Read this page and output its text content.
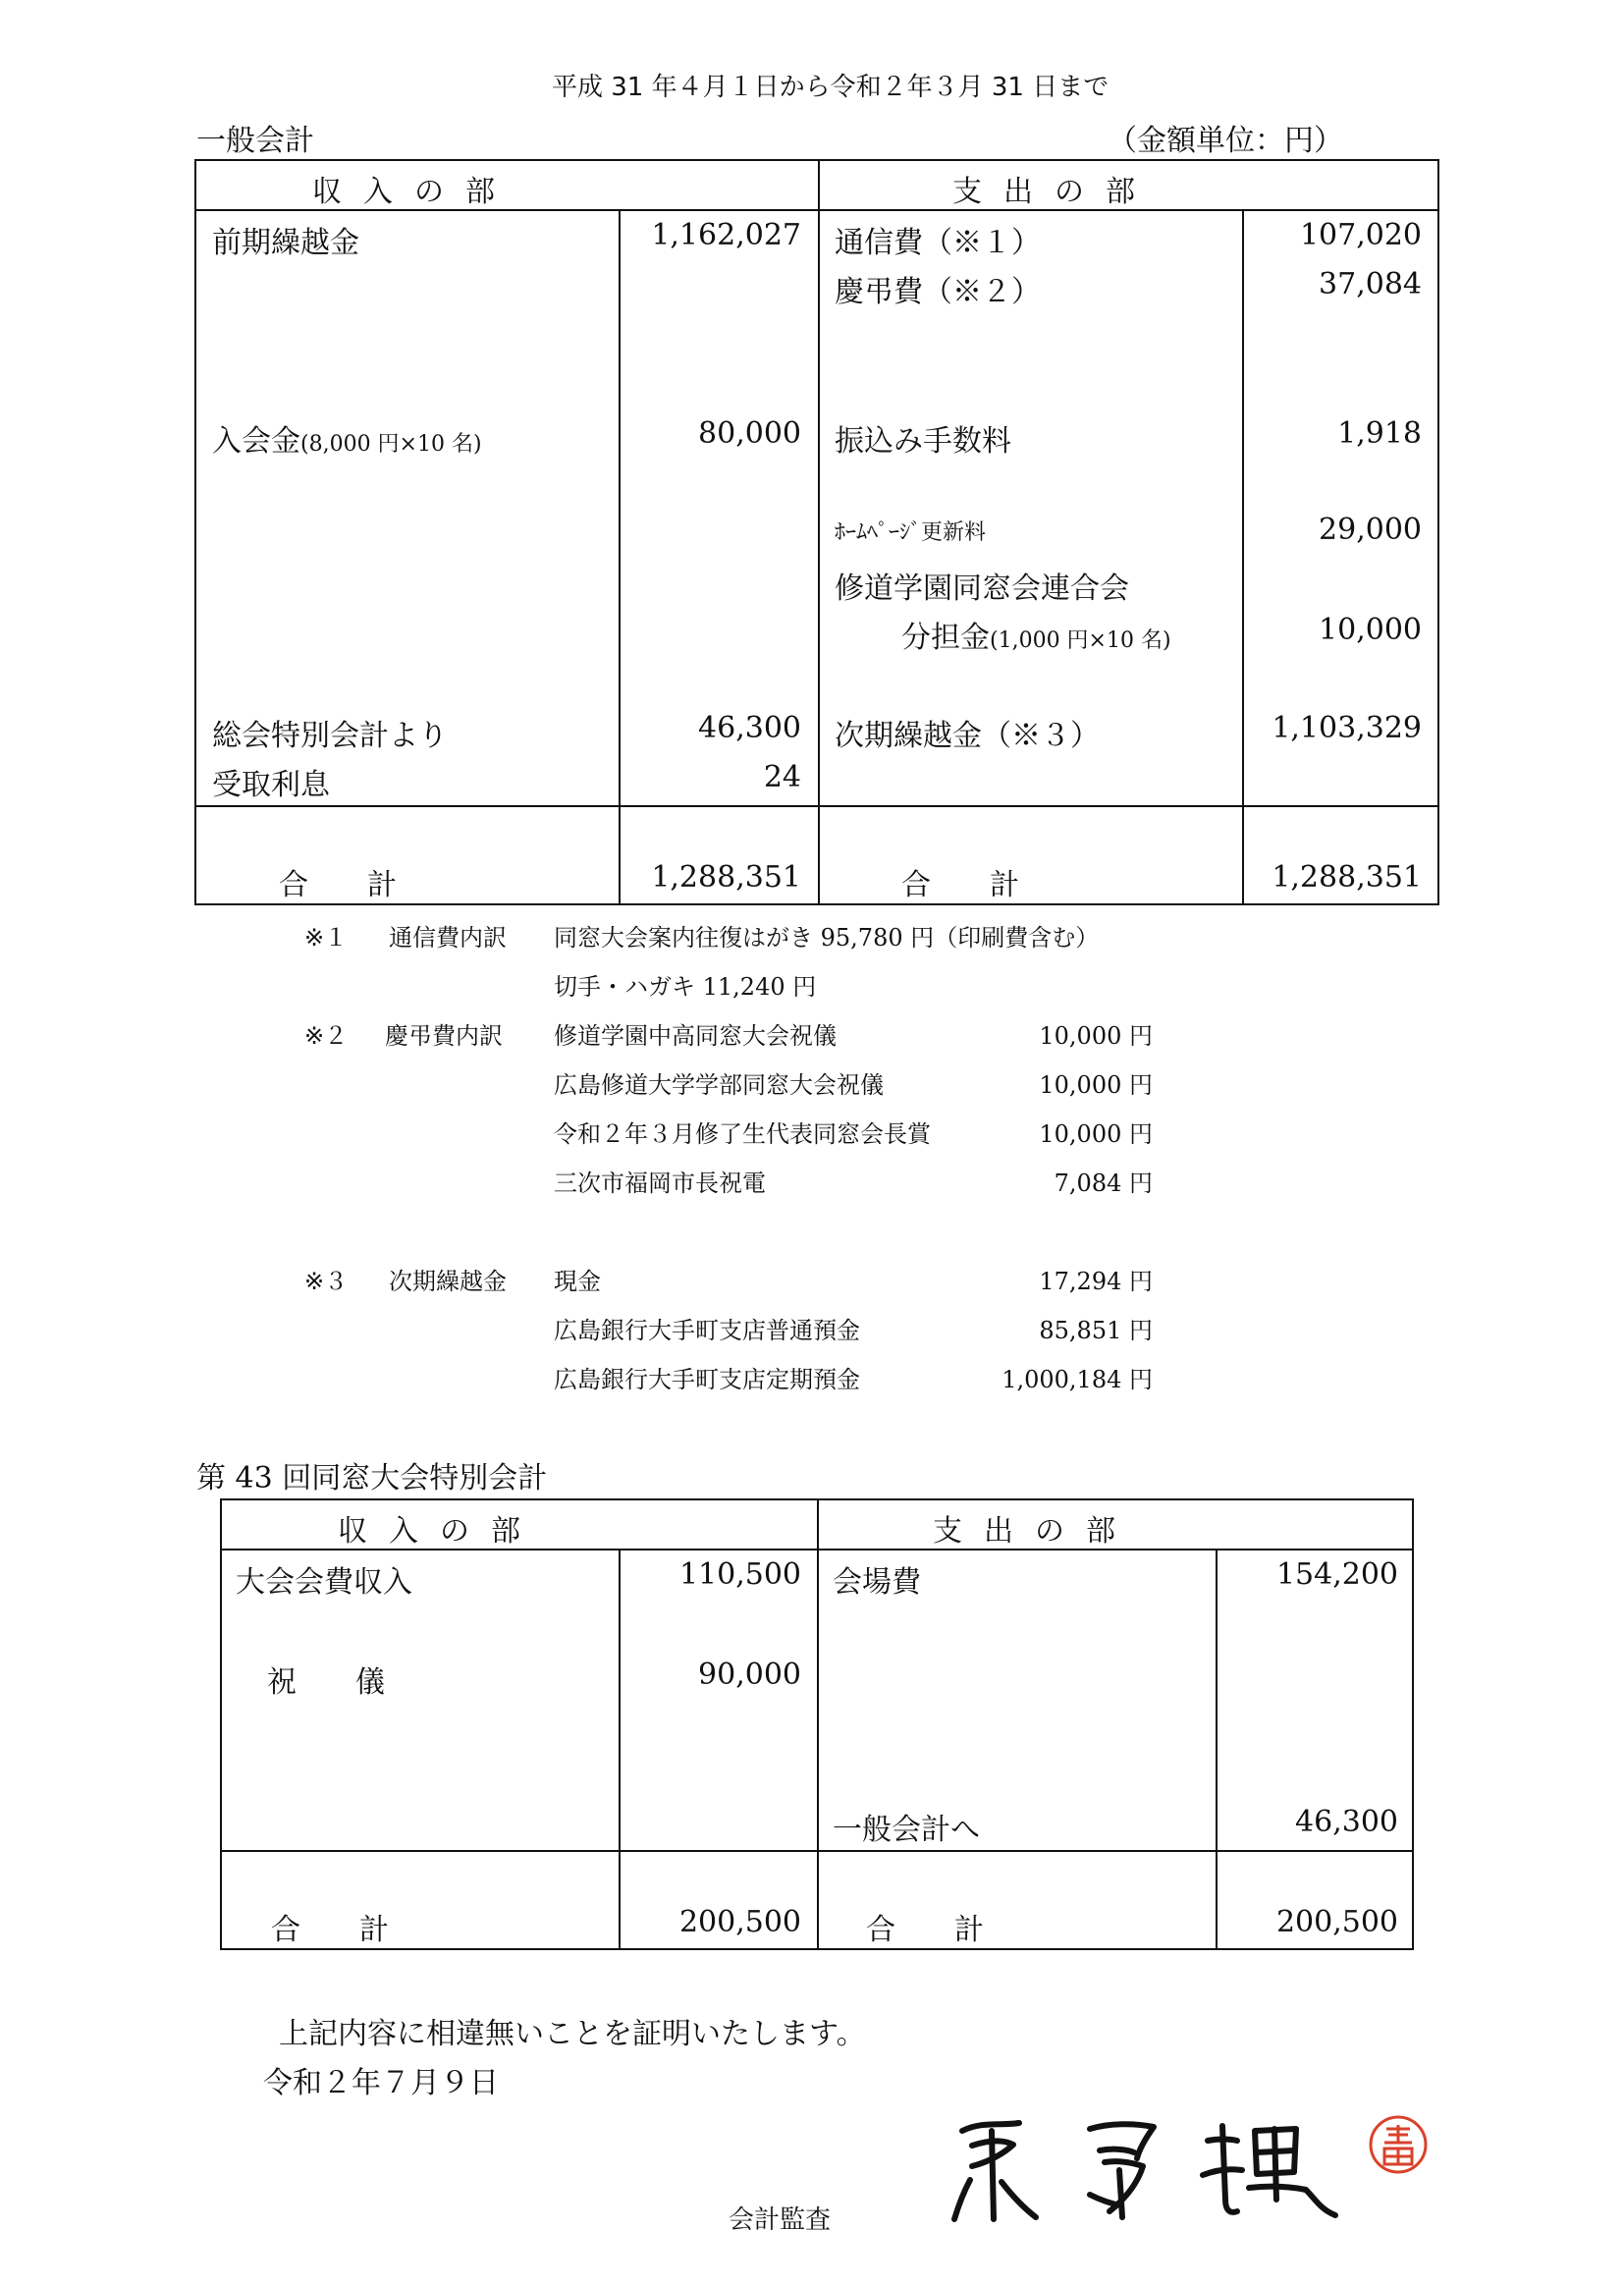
平成 31 年４月１日から令和２年３月 31 日まで
一般会計	（金額単位：円）
収入の部	支出の部
前期繰越金	1,162,027
入会金(8,000 円×10 名)	80,000
総会特別会計より	46,300
受取利息	24
通信費（※１）	107,020
慶弔費（※２）	37,084
振込み手数料	1,918
ﾎｰﾑﾍﾟｰｼﾞ更新料	29,000
修道学園同窓会連合会
分担金(1,000 円×10 名)	10,000
次期繰越金（※３）	1,103,329
合　　計	1,288,351	合　　計	1,288,351
※１ 通信費内訳 同窓大会案内往復はがき 95,780 円（印刷費含む）
切手・ハガキ 11,240 円
※２ 慶弔費内訳 修道学園中高同窓大会祝儀	10,000 円
広島修道大学学部同窓大会祝儀	10,000 円
令和２年３月修了生代表同窓会長賞	10,000 円
三次市福岡市長祝電	7,084 円
※３ 次期繰越金 現金	17,294 円
広島銀行大手町支店普通預金	85,851 円
広島銀行大手町支店定期預金	1,000,184 円
第 43 回同窓大会特別会計
収入の部	支出の部
大会会費収入	110,500
祝　　儀	90,000
会場費	154,200
一般会計へ	46,300
合　　計	200,500 合　　計	200,500
上記内容に相違無いことを証明いたします。
令和２年７月９日
会計監査
